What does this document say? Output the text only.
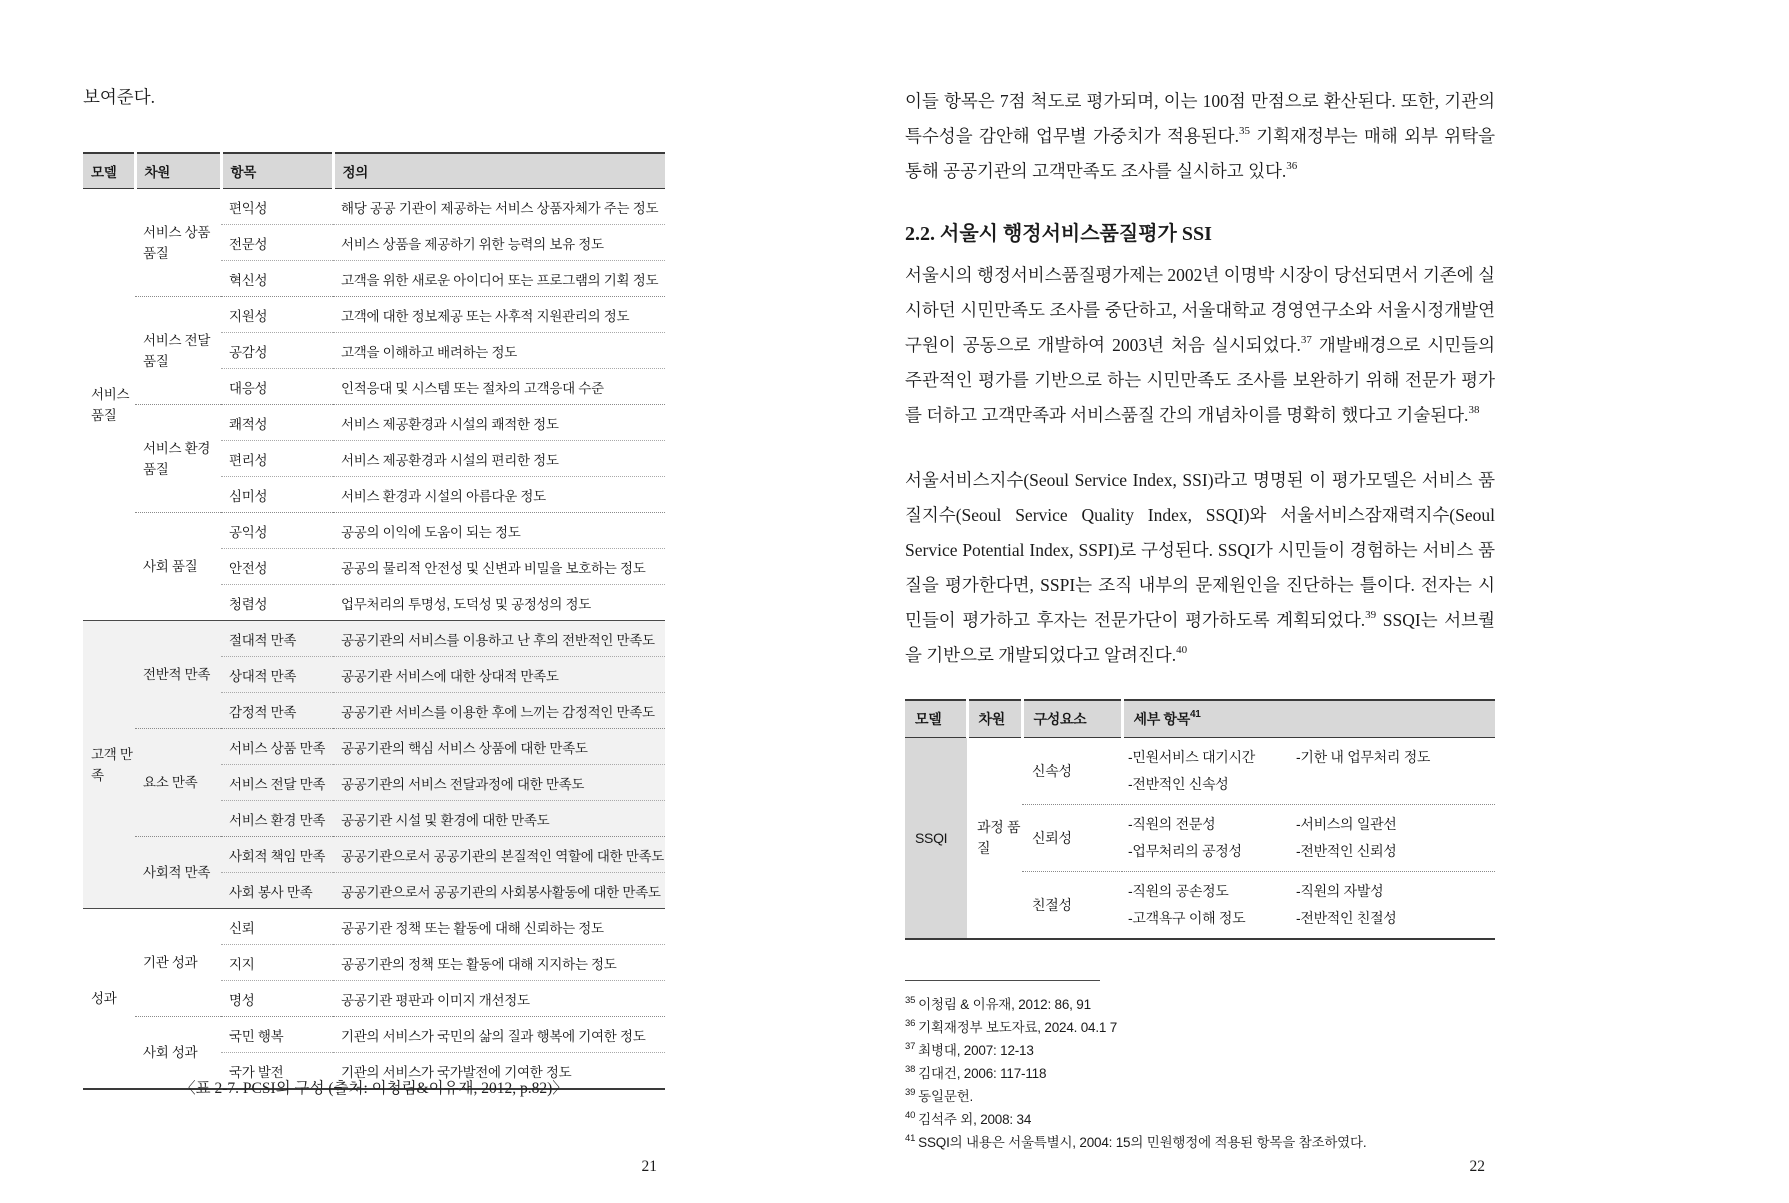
보여준다.

모델	차원	항목	정의
서비스 품질	서비스 상품 품질	편익성	해당 공공 기관이 제공하는 서비스 상품자체가 주는 정도
		전문성	서비스 상품을 제공하기 위한 능력의 보유 정도
		혁신성	고객을 위한 새로운 아이디어 또는 프로그램의 기획 정도
	서비스 전달 품질	지원성	고객에 대한 정보제공 또는 사후적 지원관리의 정도
		공감성	고객을 이해하고 배려하는 정도
		대응성	인적응대 및 시스템 또는 절차의 고객응대 수준
	서비스 환경 품질	쾌적성	서비스 제공환경과 시설의 쾌적한 정도
		편리성	서비스 제공환경과 시설의 편리한 정도
		심미성	서비스 환경과 시설의 아름다운 정도
	사회 품질	공익성	공공의 이익에 도움이 되는 정도
		안전성	공공의 물리적 안전성 및 신변과 비밀을 보호하는 정도
		청렴성	업무처리의 투명성, 도덕성 및 공정성의 정도
고객 만족	전반적 만족	절대적 만족	공공기관의 서비스를 이용하고 난 후의 전반적인 만족도
		상대적 만족	공공기관 서비스에 대한 상대적 만족도
		감정적 만족	공공기관 서비스를 이용한 후에 느끼는 감정적인 만족도
	요소 만족	서비스 상품 만족	공공기관의 핵심 서비스 상품에 대한 만족도
		서비스 전달 만족	공공기관의 서비스 전달과정에 대한 만족도
		서비스 환경 만족	공공기관 시설 및 환경에 대한 만족도
	사회적 만족	사회적 책임 만족	공공기관으로서 공공기관의 본질적인 역할에 대한 만족도
		사회 봉사 만족	공공기관으로서 공공기관의 사회봉사활동에 대한 만족도
성과	기관 성과	신뢰	공공기관 정책 또는 활동에 대해 신뢰하는 정도
		지지	공공기관의 정책 또는 활동에 대해 지지하는 정도
		명성	공공기관 평판과 이미지 개선정도
	사회 성과	국민 행복	기관의 서비스가 국민의 삶의 질과 행복에 기여한 정도
		국가 발전	기관의 서비스가 국가발전에 기여한 정도

〈표 2-7. PCSI의 구성 (출처: 이청림&이유재, 2012, p.82)〉

21

이들 항목은 7점 척도로 평가되며, 이는 100점 만점으로 환산된다. 또한, 기관의 특수성을 감안해 업무별 가중치가 적용된다.$^{35}$ 기획재정부는 매해 외부 위탁을 통해 공공기관의 고객만족도 조사를 실시하고 있다.$^{36}$

2.2. 서울시 행정서비스품질평가 SSI

서울시의 행정서비스품질평가제는 2002년 이명박 시장이 당선되면서 기존에 실시하던 시민만족도 조사를 중단하고, 서울대학교 경영연구소와 서울시정개발연구원이 공동으로 개발하여 2003년 처음 실시되었다.$^{37}$ 개발배경으로 시민들의 주관적인 평가를 기반으로 하는 시민만족도 조사를 보완하기 위해 전문가 평가를 더하고 고객만족과 서비스품질 간의 개념차이를 명확히 했다고 기술된다.$^{38}$

서울서비스지수(Seoul Service Index, SSI)라고 명명된 이 평가모델은 서비스 품질지수(Seoul Service Quality Index, SSQI)와 서울서비스잠재력지수(Seoul Service Potential Index, SSPI)로 구성된다. SSQI가 시민들이 경험하는 서비스 품질을 평가한다면, SSPI는 조직 내부의 문제원인을 진단하는 틀이다. 전자는 시민들이 평가하고 후자는 전문가단이 평가하도록 계획되었다.$^{39}$ SSQI는 서브퀄을 기반으로 개발되었다고 알려진다.$^{40}$

모델	차원	구성요소	세부 항목$^{41}$
SSQI	과정 품질	신속성	-민원서비스 대기시간 -기한 내 업무처리 정도
-전반적인 신속성

		신뢰성	-직원의 전문성 -서비스의 일관선
-업무처리의 공정성 -전반적인 신뢰성

		친절성	-직원의 공손정도 -직원의 자발성
-고객욕구 이해 정도 -전반적인 친절성
$^{35}$ 이청림 & 이유재, 2012: 86, 91
$^{36}$ 기획재정부 보도자료, 2024. 04.1 7
$^{37}$ 최병대, 2007: 12-13
$^{38}$ 김대건, 2006: 117-118
$^{39}$ 동일문헌.
$^{40}$ 김석주 외, 2008: 34
$^{41}$ SSQI의 내용은 서울특별시, 2004: 15의 민원행정에 적용된 항목을 참조하였다.
22
